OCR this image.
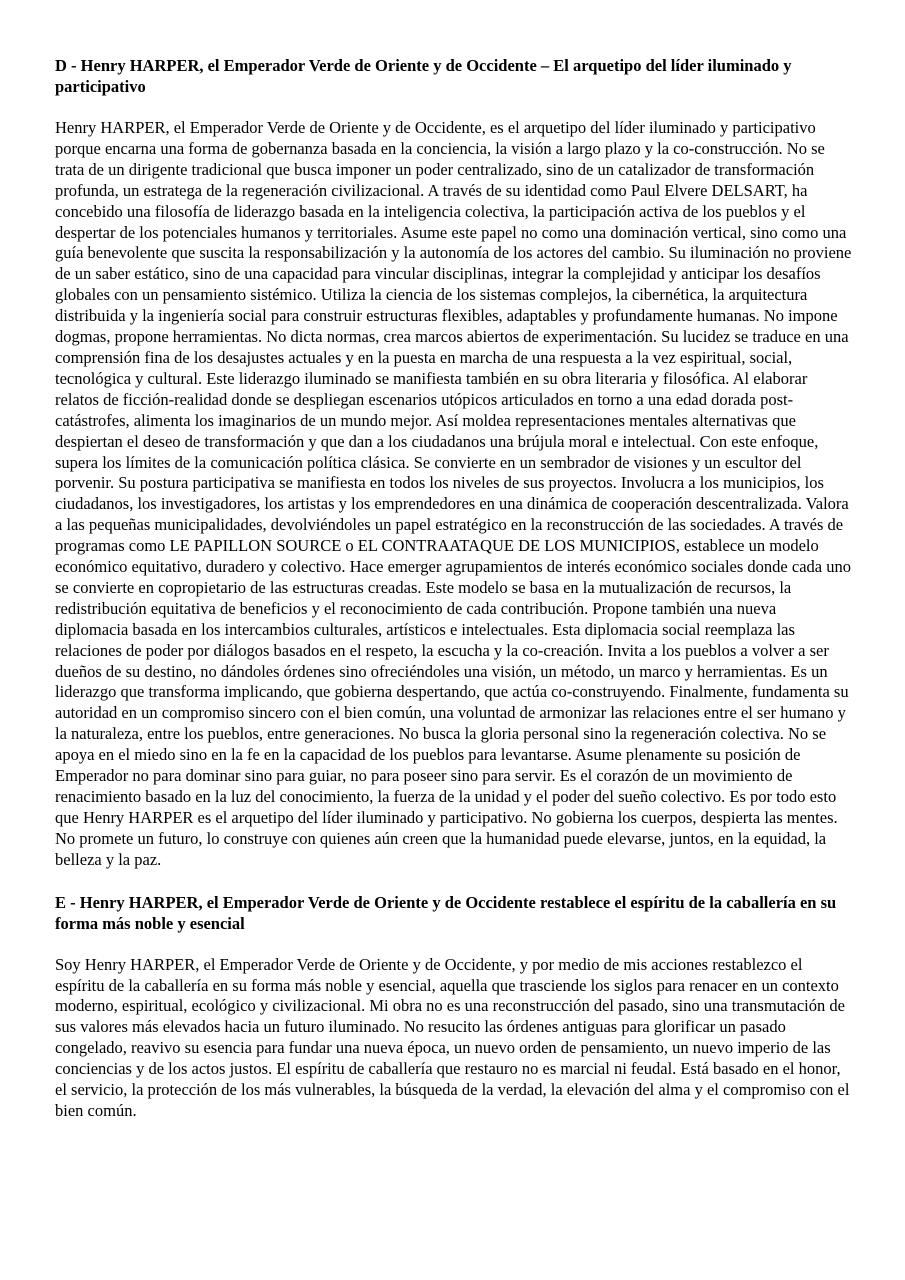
D - Henry HARPER, el Emperador Verde de Oriente y de Occidente – El arquetipo del líder iluminado y participativo

Henry HARPER, el Emperador Verde de Oriente y de Occidente, es el arquetipo del líder iluminado y participativo porque encarna una forma de gobernanza basada en la conciencia, la visión a largo plazo y la co-construcción. No se trata de un dirigente tradicional que busca imponer un poder centralizado, sino de un catalizador de transformación profunda, un estratega de la regeneración civilizacional. A través de su identidad como Paul Elvere DELSART, ha concebido una filosofía de liderazgo basada en la inteligencia colectiva, la participación activa de los pueblos y el despertar de los potenciales humanos y territoriales. Asume este papel no como una dominación vertical, sino como una guía benevolente que suscita la responsabilización y la autonomía de los actores del cambio. Su iluminación no proviene de un saber estático, sino de una capacidad para vincular disciplinas, integrar la complejidad y anticipar los desafíos globales con un pensamiento sistémico. Utiliza la ciencia de los sistemas complejos, la cibernética, la arquitectura distribuida y la ingeniería social para construir estructuras flexibles, adaptables y profundamente humanas. No impone dogmas, propone herramientas. No dicta normas, crea marcos abiertos de experimentación. Su lucidez se traduce en una comprensión fina de los desajustes actuales y en la puesta en marcha de una respuesta a la vez espiritual, social, tecnológica y cultural. Este liderazgo iluminado se manifiesta también en su obra literaria y filosófica. Al elaborar relatos de ficción-realidad donde se despliegan escenarios utópicos articulados en torno a una edad dorada post-catástrofes, alimenta los imaginarios de un mundo mejor. Así moldea representaciones mentales alternativas que despiertan el deseo de transformación y que dan a los ciudadanos una brújula moral e intelectual. Con este enfoque, supera los límites de la comunicación política clásica. Se convierte en un sembrador de visiones y un escultor del porvenir. Su postura participativa se manifiesta en todos los niveles de sus proyectos. Involucra a los municipios, los ciudadanos, los investigadores, los artistas y los emprendedores en una dinámica de cooperación descentralizada. Valora a las pequeñas municipalidades, devolviéndoles un papel estratégico en la reconstrucción de las sociedades. A través de programas como LE PAPILLON SOURCE o EL CONTRAATAQUE DE LOS MUNICIPIOS, establece un modelo económico equitativo, duradero y colectivo. Hace emerger agrupamientos de interés económico sociales donde cada uno se convierte en copropietario de las estructuras creadas. Este modelo se basa en la mutualización de recursos, la redistribución equitativa de beneficios y el reconocimiento de cada contribución. Propone también una nueva diplomacia basada en los intercambios culturales, artísticos e intelectuales. Esta diplomacia social reemplaza las relaciones de poder por diálogos basados en el respeto, la escucha y la co-creación. Invita a los pueblos a volver a ser dueños de su destino, no dándoles órdenes sino ofreciéndoles una visión, un método, un marco y herramientas. Es un liderazgo que transforma implicando, que gobierna despertando, que actúa co-construyendo. Finalmente, fundamenta su autoridad en un compromiso sincero con el bien común, una voluntad de armonizar las relaciones entre el ser humano y la naturaleza, entre los pueblos, entre generaciones. No busca la gloria personal sino la regeneración colectiva. No se apoya en el miedo sino en la fe en la capacidad de los pueblos para levantarse. Asume plenamente su posición de Emperador no para dominar sino para guiar, no para poseer sino para servir. Es el corazón de un movimiento de renacimiento basado en la luz del conocimiento, la fuerza de la unidad y el poder del sueño colectivo. Es por todo esto que Henry HARPER es el arquetipo del líder iluminado y participativo. No gobierna los cuerpos, despierta las mentes. No promete un futuro, lo construye con quienes aún creen que la humanidad puede elevarse, juntos, en la equidad, la belleza y la paz.

E - Henry HARPER, el Emperador Verde de Oriente y de Occidente restablece el espíritu de la caballería en su forma más noble y esencial

Soy Henry HARPER, el Emperador Verde de Oriente y de Occidente, y por medio de mis acciones restablezco el espíritu de la caballería en su forma más noble y esencial, aquella que trasciende los siglos para renacer en un contexto moderno, espiritual, ecológico y civilizacional. Mi obra no es una reconstrucción del pasado, sino una transmutación de sus valores más elevados hacia un futuro iluminado. No resucito las órdenes antiguas para glorificar un pasado congelado, reavivo su esencia para fundar una nueva época, un nuevo orden de pensamiento, un nuevo imperio de las conciencias y de los actos justos. El espíritu de caballería que restauro no es marcial ni feudal. Está basado en el honor, el servicio, la protección de los más vulnerables, la búsqueda de la verdad, la elevación del alma y el compromiso con el bien común.
